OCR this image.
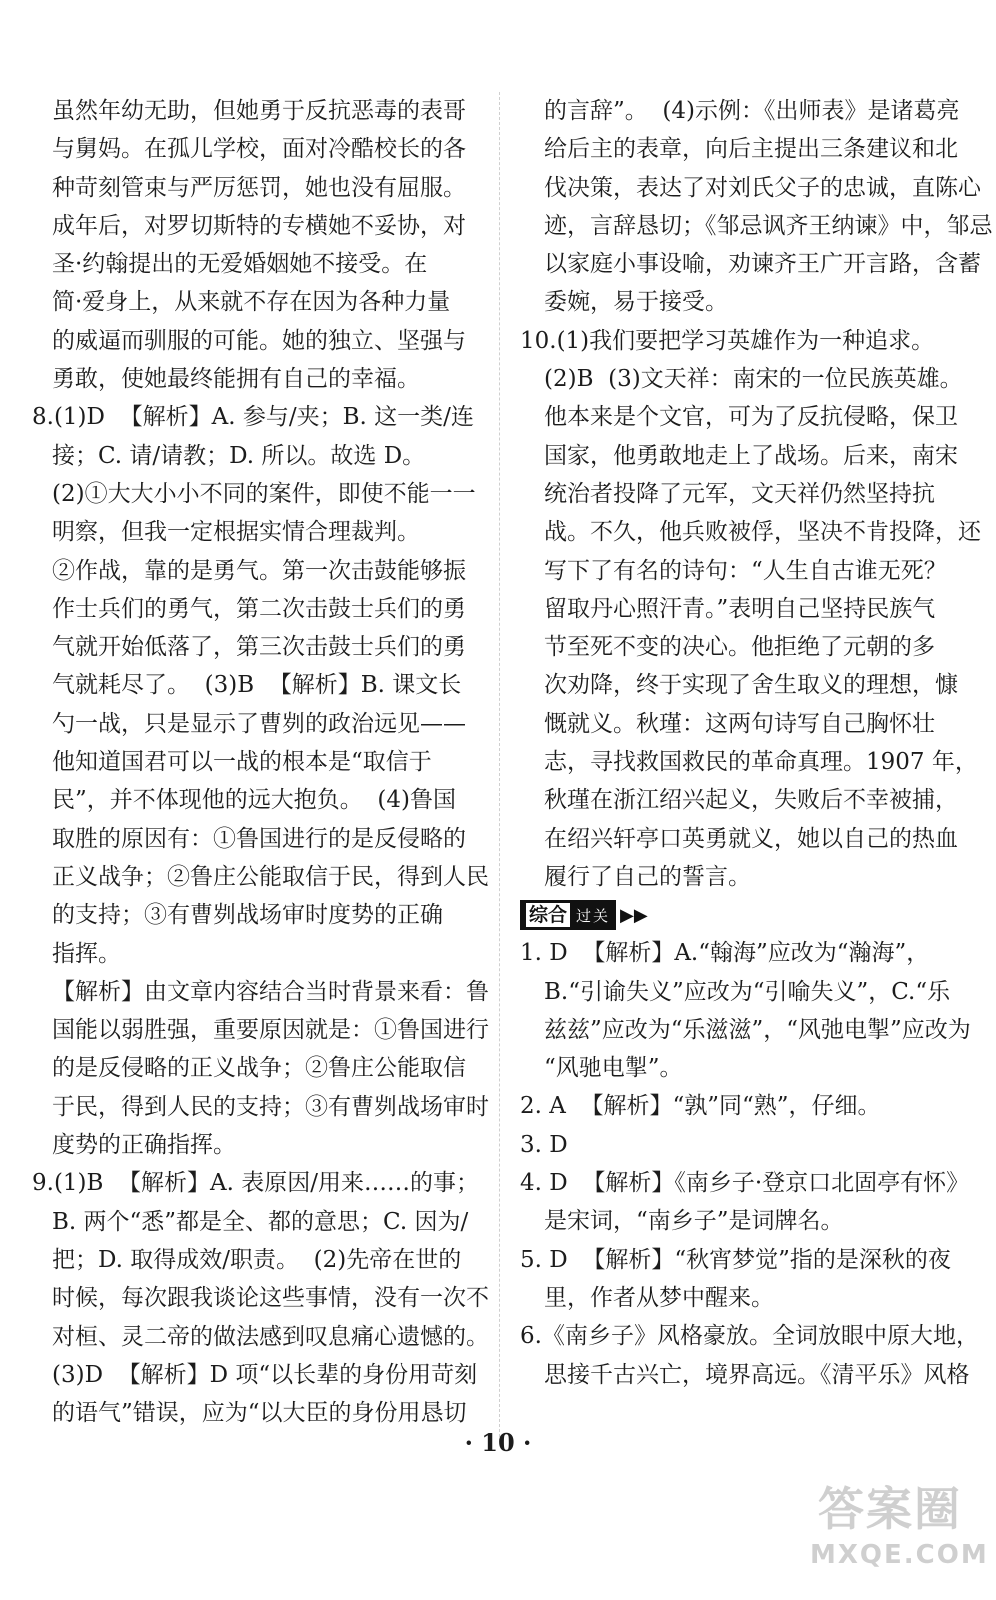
虽然年幼无助，但她勇于反抗恶毒的表哥
与舅妈。在孤儿学校，面对冷酷校长的各
种苛刻管束与严厉惩罚，她也没有屈服。
成年后，对罗切斯特的专横她不妥协，对
圣·约翰提出的无爱婚姻她不接受。在
简·爱身上，从来就不存在因为各种力量
的威逼而驯服的可能。她的独立、坚强与
勇敢，使她最终能拥有自己的幸福。
8.(1)D  【解析】A. 参与/夹；B. 这一类/连
接；C. 请/请教；D. 所以。故选 D。
(2)①大大小小不同的案件，即使不能一一
明察，但我一定根据实情合理裁判。
②作战，靠的是勇气。第一次击鼓能够振
作士兵们的勇气，第二次击鼓士兵们的勇
气就开始低落了，第三次击鼓士兵们的勇
气就耗尽了。  (3)B  【解析】B. 课文长
勺一战，只是显示了曹刿的政治远见——
他知道国君可以一战的根本是“取信于
民”，并不体现他的远大抱负。  (4)鲁国
取胜的原因有：①鲁国进行的是反侵略的
正义战争；②鲁庄公能取信于民，得到人民
的支持；③有曹刿战场审时度势的正确
指挥。
【解析】由文章内容结合当时背景来看：鲁
国能以弱胜强，重要原因就是：①鲁国进行
的是反侵略的正义战争；②鲁庄公能取信
于民，得到人民的支持；③有曹刿战场审时
度势的正确指挥。
9.(1)B  【解析】A. 表原因/用来……的事；
B. 两个“悉”都是全、都的意思；C. 因为/
把；D. 取得成效/职责。  (2)先帝在世的
时候，每次跟我谈论这些事情，没有一次不
对桓、灵二帝的做法感到叹息痛心遗憾的。
(3)D  【解析】D 项“以长辈的身份用苛刻
的语气”错误，应为“以大臣的身份用恳切
的言辞”。  (4)示例：《出师表》是诸葛亮
给后主的表章，向后主提出三条建议和北
伐决策，表达了对刘氏父子的忠诚，直陈心
迹，言辞恳切；《邹忌讽齐王纳谏》中，邹忌
以家庭小事设喻，劝谏齐王广开言路，含蓄
委婉，易于接受。
10.(1)我们要把学习英雄作为一种追求。
(2)B  (3)文天祥：南宋的一位民族英雄。
他本来是个文官，可为了反抗侵略，保卫
国家，他勇敢地走上了战场。后来，南宋
统治者投降了元军，文天祥仍然坚持抗
战。不久，他兵败被俘，坚决不肯投降，还
写下了有名的诗句：“人生自古谁无死？
留取丹心照汗青。”表明自己坚持民族气
节至死不变的决心。他拒绝了元朝的多
次劝降，终于实现了舍生取义的理想，慷
慨就义。秋瑾：这两句诗写自己胸怀壮
志，寻找救国救民的革命真理。1907 年，
秋瑾在浙江绍兴起义，失败后不幸被捕，
在绍兴轩亭口英勇就义，她以自己的热血
履行了自己的誓言。
综合 过关 ▶▶
1. D  【解析】A.“翰海”应改为“瀚海”，
B.“引谕失义”应改为“引喻失义”，C.“乐
兹兹”应改为“乐滋滋”，“风弛电掣”应改为
“风驰电掣”。
2. A  【解析】“孰”同“熟”，仔细。
3. D
4. D  【解析】《南乡子·登京口北固亭有怀》
是宋词，“南乡子”是词牌名。
5. D  【解析】“秋宵梦觉”指的是深秋的夜
里，作者从梦中醒来。
6.《南乡子》风格豪放。全词放眼中原大地，
思接千古兴亡，境界高远。《清平乐》风格
· 10 ·
答案圈
MXQE.COM
